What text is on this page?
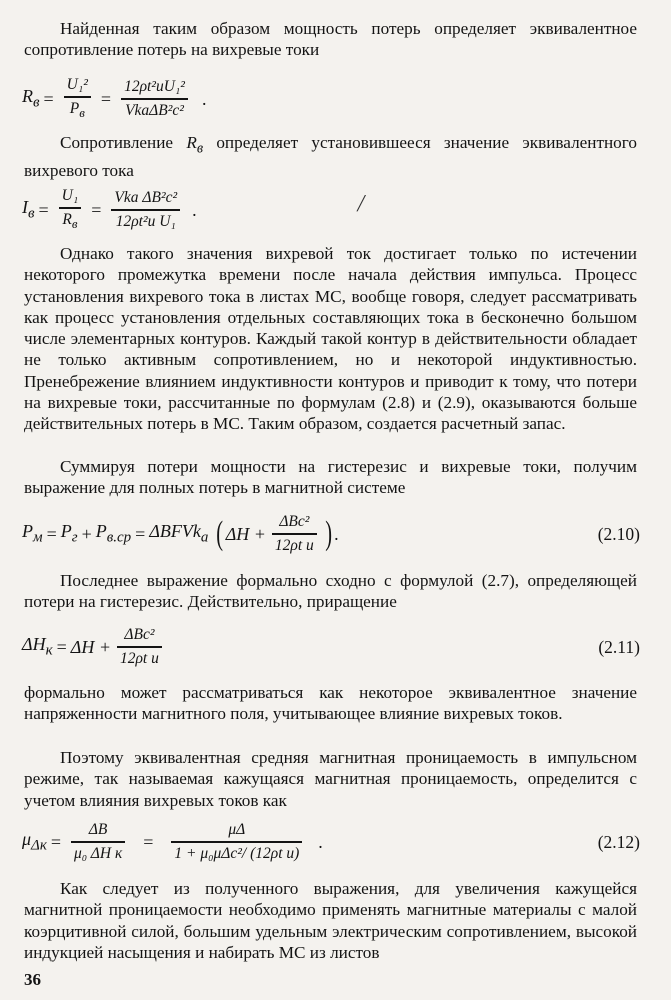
Найденная таким образом мощность потерь определяет эквивалентное сопротивление потерь на вихревые токи
$R_в = \frac{\text{U₁²}}{P_в} = \frac{\text{12ρt²иU₁²}}{\text{VkаΔB²c²}}$ .
Сопротивление $R_в$ определяет установившееся значение эквивалентного вихревого тока
$I_в = \frac{\text{U₁}}{R_в} = \frac{\text{Vkа ΔB²c²}}{\text{12ρt²и U₁}}$ .	╱
Однако такого значения вихревой ток достигает только по истечении некоторого промежутка времени после начала действия импульса. Процесс установления вихревого тока в листах МС, вообще говоря, следует рассматривать как процесс установления отдельных составляющих тока в бесконечно большом числе элементарных контуров. Каждый такой контур в действительности обладает не только активным сопротивлением, но и некоторой индуктивностью. Пренебрежение влиянием индуктивности контуров и приводит к тому, что потери на вихревые токи, рассчитанные по формулам (2.8) и (2.9), оказываются больше действительных потерь в МС. Таким образом, создается расчетный запас.
Суммируя потери мощности на гистерезис и вихревые токи, получим выражение для полных потерь в магнитной системе
$P_м = P_г + P_{в.ср}$ = ΔBFVk$_а$ ( $\Delta H + \frac{\text{ΔBc²}}{\text{12ρt и}}$ ) .	(2.10)
Последнее выражение формально сходно с формулой (2.7), определяющей потери на гистерезис. Действительно, приращение
$\Delta H_к = \Delta H + \frac{\text{ΔBc²}}{\text{12ρt и}}$	(2.11)
формально может рассматриваться как некоторое эквивалентное значение напряженности магнитного поля, учитывающее влияние вихревых токов.
Поэтому эквивалентная средняя магнитная проницаемость в импульсном режиме, так называемая кажущаяся магнитная проницаемость, определится с учетом влияния вихревых токов как
$\mu_{\Delta к} = \frac{\Delta B}{\text{μ₀ ΔH к}} = \frac{\mu\Delta}{\text{1 + μ₀μΔc²/ (12ρt и)}}$ .	(2.12)
Как следует из полученного выражения, для увеличения кажущейся магнитной проницаемости необходимо применять магнитные материалы с малой коэрцитивной силой, большим удельным электрическим сопротивлением, высокой индукцией насыщения и набирать МС из листов
36
